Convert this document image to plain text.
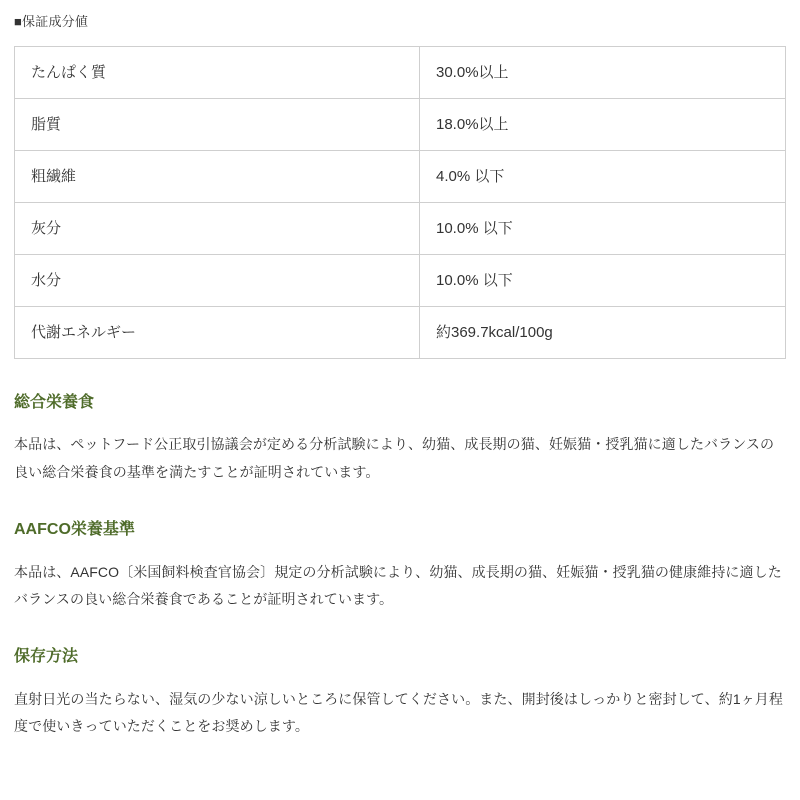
■保証成分値
たんぱく質	30.0%以上
脂質	18.0%以上
粗繊維	4.0% 以下
灰分	10.0% 以下
水分	10.0% 以下
代謝エネルギー	約369.7kcal/100g
総合栄養食

本品は、ペットフード公正取引協議会が定める分析試験により、幼猫、成長期の猫、妊娠猫・授乳猫に適したバランスの良い総合栄養食の基準を満たすことが証明されています。

AAFCO栄養基準

本品は、AAFCO〔米国飼料検査官協会〕規定の分析試験により、幼猫、成長期の猫、妊娠猫・授乳猫の健康維持に適したバランスの良い総合栄養食であることが証明されています。

保存方法

直射日光の当たらない、湿気の少ない涼しいところに保管してください。また、開封後はしっかりと密封して、約1ヶ月程度で使いきっていただくことをお奨めします。
